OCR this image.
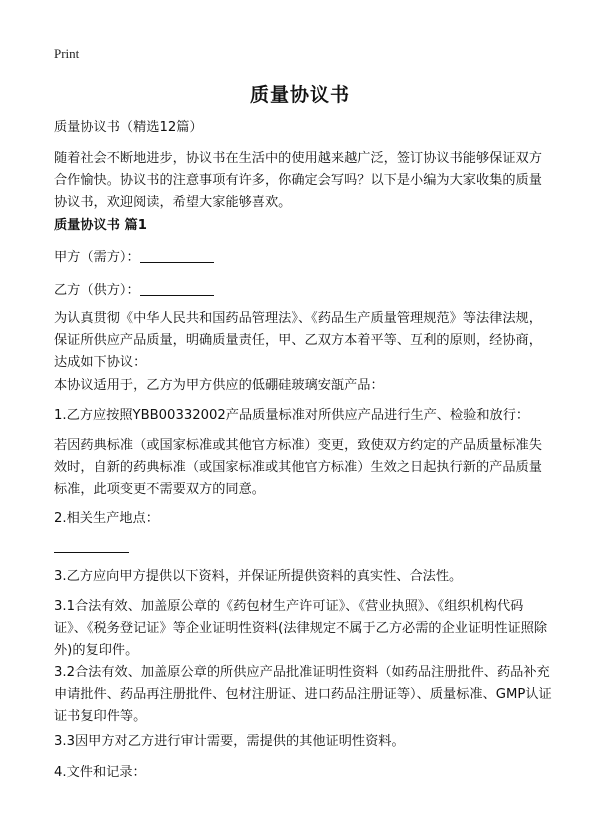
Print
质量协议书

质量协议书（精选12篇）

随着社会不断地进步，协议书在生活中的使用越来越广泛，签订协议书能够保证双方合作愉快。协议书的注意事项有许多，你确定会写吗？以下是小编为大家收集的质量协议书，欢迎阅读，希望大家能够喜欢。

质量协议书 篇1

甲方（需方）：

乙方（供方）：

为认真贯彻《中华人民共和国药品管理法》、《药品生产质量管理规范》等法律法规，保证所供应产品质量，明确质量责任，甲、乙双方本着平等、互利的原则，经协商，达成如下协议：

本协议适用于，乙方为甲方供应的低硼硅玻璃安瓿产品：

1.乙方应按照YBB00332002产品质量标准对所供应产品进行生产、检验和放行：

若因药典标准（或国家标准或其他官方标准）变更，致使双方约定的产品质量标准失效时，自新的药典标准（或国家标准或其他官方标准）生效之日起执行新的产品质量标准，此项变更不需要双方的同意。

2.相关生产地点：

3.乙方应向甲方提供以下资料，并保证所提供资料的真实性、合法性。

3.1合法有效、加盖原公章的《药包材生产许可证》、《营业执照》、《组织机构代码证》、《税务登记证》等企业证明性资料(法律规定不属于乙方必需的企业证明性证照除外)的复印件。

3.2合法有效、加盖原公章的所供应产品批准证明性资料（如药品注册批件、药品补充申请批件、药品再注册批件、包材注册证、进口药品注册证等）、质量标准、GMP认证证书复印件等。

3.3因甲方对乙方进行审计需要，需提供的其他证明性资料。

4.文件和记录：
